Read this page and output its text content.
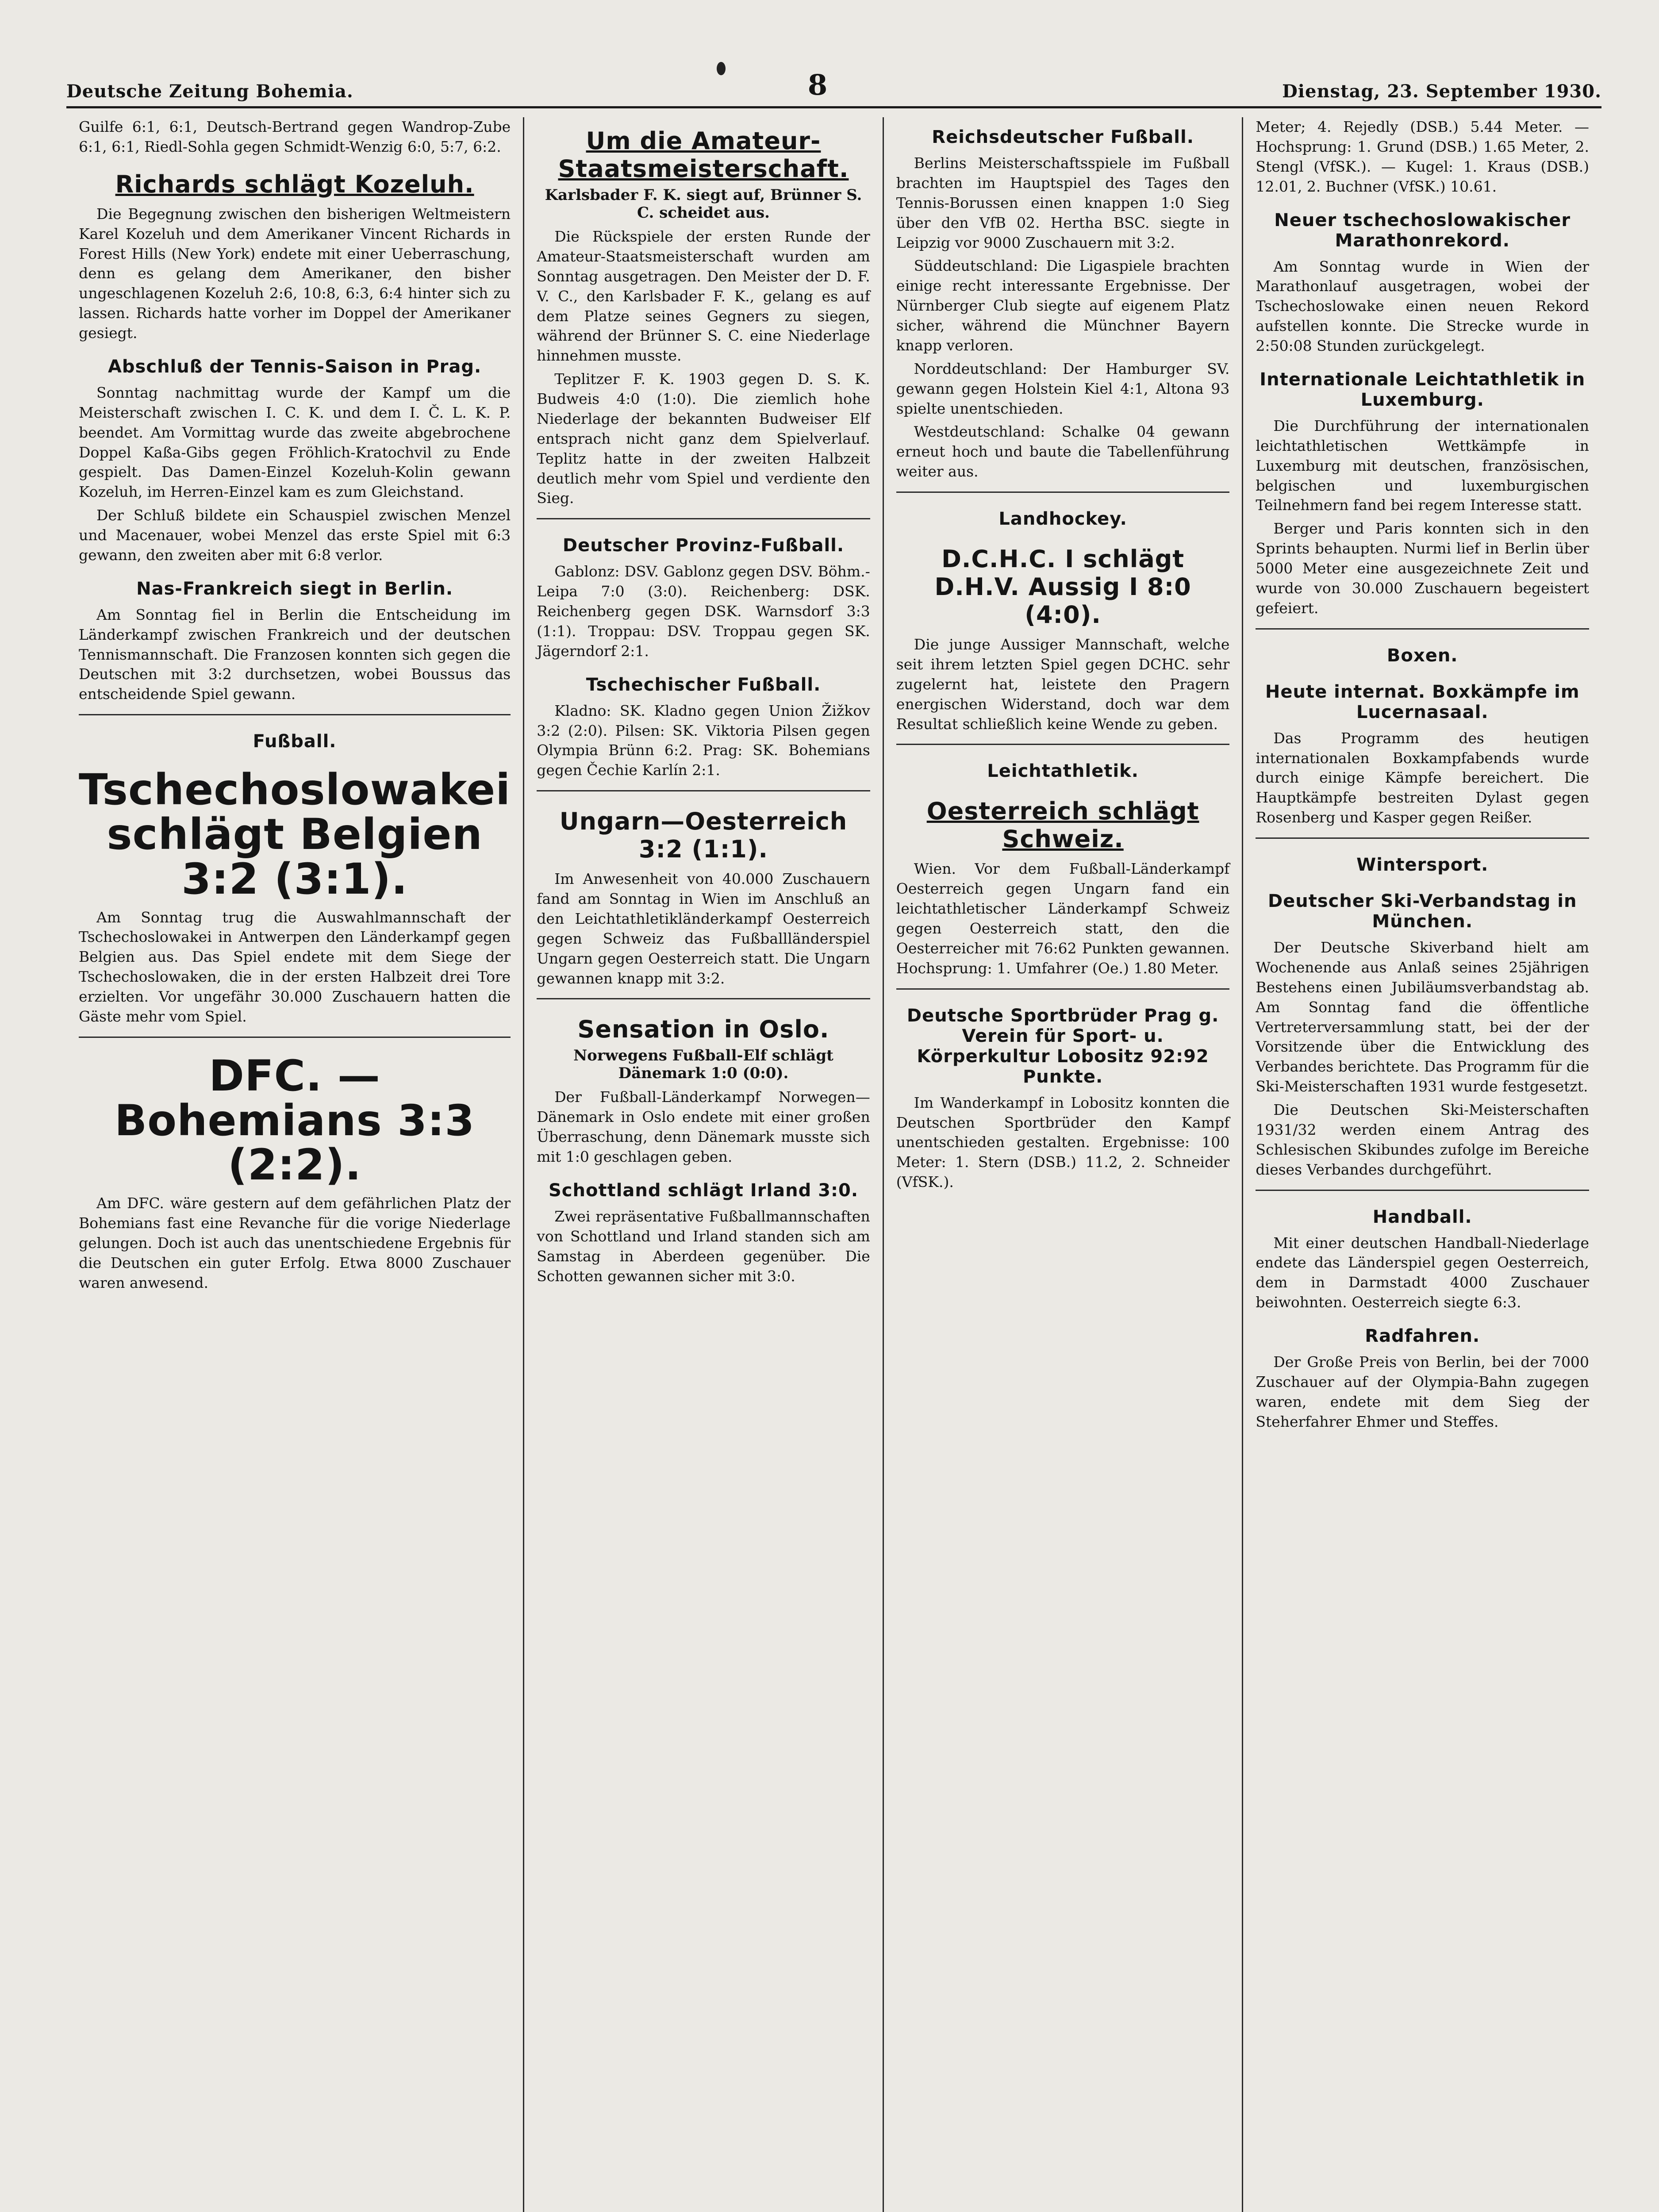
Deutsche Zeitung Bohemia.	8	Dienstag, 23. September 1930.
Guilfe 6:1, 6:1, Deutsch-Bertrand gegen Wandrop-Zube 6:1, 6:1, Riedl-Sohla gegen Schmidt-Wenzig 6:0, 5:7, 6:2.
Richards schlägt Kozeluh.
Die Begegnung zwischen den bisherigen Weltmeistern Karel Kozeluh und dem Amerikaner Vincent Richards in Forest Hills (New York) endete mit einer Ueberraschung, denn es gelang dem Amerikaner, den bisher ungeschlagenen Kozeluh 2:6, 10:8, 6:3, 6:4 hinter sich zu lassen. Richards hatte vorher im Doppel der Amerikaner gesiegt.
Abschluß der Tennis-Saison in Prag.
Sonntag nachmittag wurde der Kampf um die Meisterschaft zwischen I. C. K. und dem I. Č. L. K. P. beendet. Am Vormittag wurde das zweite abgebrochene Doppel Kaßa-Gibs gegen Fröhlich-Kratochvil zu Ende gespielt. Das Damen-Einzel Kozeluh-Kolin gewann Kozeluh, im Herren-Einzel kam es zum Gleichstand.
Der Schluß bildete ein Schauspiel zwischen Menzel und Macenauer, wobei Menzel das erste Spiel mit 6:3 gewann, den zweiten aber mit 6:8 verlor.
Nas-Frankreich siegt in Berlin.
Am Sonntag fiel in Berlin die Entscheidung im Länderkampf zwischen Frankreich und der deutschen Tennismannschaft. Die Franzosen konnten sich gegen die Deutschen mit 3:2 durchsetzen, wobei Boussus das entscheidende Spiel gewann.
Fußball.
Tschechoslowakei schlägt Belgien 3:2 (3:1).
Am Sonntag trug die Auswahlmannschaft der Tschechoslowakei in Antwerpen den Länderkampf gegen Belgien aus. Das Spiel endete mit dem Siege der Tschechoslowaken, die in der ersten Halbzeit drei Tore erzielten. Vor ungefähr 30.000 Zuschauern hatten die Gäste mehr vom Spiel.
DFC. — Bohemians 3:3 (2:2).
Am DFC. wäre gestern auf dem gefährlichen Platz der Bohemians fast eine Revanche für die vorige Niederlage gelungen. Doch ist auch das unentschiedene Ergebnis für die Deutschen ein guter Erfolg. Etwa 8000 Zuschauer waren anwesend.
Um die Amateur-Staatsmeisterschaft.
Karlsbader F. K. siegt auf, Brünner S. C. scheidet aus.
Die Rückspiele der ersten Runde der Amateur-Staatsmeisterschaft wurden am Sonntag ausgetragen. Den Meister der D. F. V. C., den Karlsbader F. K., gelang es auf dem Platze seines Gegners zu siegen, während der Brünner S. C. eine Niederlage hinnehmen musste.
Teplitzer F. K. 1903 gegen D. S. K. Budweis 4:0 (1:0). Die ziemlich hohe Niederlage der bekannten Budweiser Elf entsprach nicht ganz dem Spielverlauf. Teplitz hatte in der zweiten Halbzeit deutlich mehr vom Spiel und verdiente den Sieg.
Deutscher Provinz-Fußball.
Gablonz: DSV. Gablonz gegen DSV. Böhm.-Leipa 7:0 (3:0). Reichenberg: DSK. Reichenberg gegen DSK. Warnsdorf 3:3 (1:1). Troppau: DSV. Troppau gegen SK. Jägerndorf 2:1.
Tschechischer Fußball.
Kladno: SK. Kladno gegen Union Žižkov 3:2 (2:0). Pilsen: SK. Viktoria Pilsen gegen Olympia Brünn 6:2. Prag: SK. Bohemians gegen Čechie Karlín 2:1.
Ungarn—Oesterreich 3:2 (1:1).
Im Anwesenheit von 40.000 Zuschauern fand am Sonntag in Wien im Anschluß an den Leichtathletikländerkampf Oesterreich gegen Schweiz das Fußballländerspiel Ungarn gegen Oesterreich statt. Die Ungarn gewannen knapp mit 3:2.
Sensation in Oslo.
Norwegens Fußball-Elf schlägt Dänemark 1:0 (0:0).
Der Fußball-Länderkampf Norwegen—Dänemark in Oslo endete mit einer großen Überraschung, denn Dänemark musste sich mit 1:0 geschlagen geben.
Schottland schlägt Irland 3:0.
Zwei repräsentative Fußballmannschaften von Schottland und Irland standen sich am Samstag in Aberdeen gegenüber. Die Schotten gewannen sicher mit 3:0.
Reichsdeutscher Fußball.
Berlins Meisterschaftsspiele im Fußball brachten im Hauptspiel des Tages den Tennis-Borussen einen knappen 1:0 Sieg über den VfB 02. Hertha BSC. siegte in Leipzig vor 9000 Zuschauern mit 3:2.
Süddeutschland: Die Ligaspiele brachten einige recht interessante Ergebnisse. Der Nürnberger Club siegte auf eigenem Platz sicher, während die Münchner Bayern knapp verloren.
Norddeutschland: Der Hamburger SV. gewann gegen Holstein Kiel 4:1, Altona 93 spielte unentschieden.
Westdeutschland: Schalke 04 gewann erneut hoch und baute die Tabellenführung weiter aus.
Landhockey.
D.C.H.C. I schlägt D.H.V. Aussig I 8:0 (4:0).
Die junge Aussiger Mannschaft, welche seit ihrem letzten Spiel gegen DCHC. sehr zugelernt hat, leistete den Pragern energischen Widerstand, doch war dem Resultat schließlich keine Wende zu geben.
Leichtathletik.
Oesterreich schlägt Schweiz.
Wien. Vor dem Fußball-Länderkampf Oesterreich gegen Ungarn fand ein leichtathletischer Länderkampf Schweiz gegen Oesterreich statt, den die Oesterreicher mit 76:62 Punkten gewannen. Hochsprung: 1. Umfahrer (Oe.) 1.80 Meter.
Deutsche Sportbrüder Prag g. Verein für Sport- u. Körperkultur Lobositz 92:92 Punkte.
Im Wanderkampf in Lobositz konnten die Deutschen Sportbrüder den Kampf unentschieden gestalten. Ergebnisse: 100 Meter: 1. Stern (DSB.) 11.2, 2. Schneider (VfSK.).
Meter; 4. Rejedly (DSB.) 5.44 Meter. — Hochsprung: 1. Grund (DSB.) 1.65 Meter, 2. Stengl (VfSK.). — Kugel: 1. Kraus (DSB.) 12.01, 2. Buchner (VfSK.) 10.61.
Neuer tschechoslowakischer Marathonrekord.
Am Sonntag wurde in Wien der Marathonlauf ausgetragen, wobei der Tschechoslowake einen neuen Rekord aufstellen konnte. Die Strecke wurde in 2:50:08 Stunden zurückgelegt.
Internationale Leichtathletik in Luxemburg.
Die Durchführung der internationalen leichtathletischen Wettkämpfe in Luxemburg mit deutschen, französischen, belgischen und luxemburgischen Teilnehmern fand bei regem Interesse statt.
Berger und Paris konnten sich in den Sprints behaupten. Nurmi lief in Berlin über 5000 Meter eine ausgezeichnete Zeit und wurde von 30.000 Zuschauern begeistert gefeiert.
Boxen.
Heute internat. Boxkämpfe im Lucernasaal.
Das Programm des heutigen internationalen Boxkampfabends wurde durch einige Kämpfe bereichert. Die Hauptkämpfe bestreiten Dylast gegen Rosenberg und Kasper gegen Reißer.
Wintersport.
Deutscher Ski-Verbandstag in München.
Der Deutsche Skiverband hielt am Wochenende aus Anlaß seines 25jährigen Bestehens einen Jubiläumsverbandstag ab. Am Sonntag fand die öffentliche Vertreterversammlung statt, bei der der Vorsitzende über die Entwicklung des Verbandes berichtete. Das Programm für die Ski-Meisterschaften 1931 wurde festgesetzt.
Die Deutschen Ski-Meisterschaften 1931/32 werden einem Antrag des Schlesischen Skibundes zufolge im Bereiche dieses Verbandes durchgeführt.
Handball.
Mit einer deutschen Handball-Niederlage endete das Länderspiel gegen Oesterreich, dem in Darmstadt 4000 Zuschauer beiwohnten. Oesterreich siegte 6:3.
Radfahren.
Der Große Preis von Berlin, bei der 7000 Zuschauer auf der Olympia-Bahn zugegen waren, endete mit dem Sieg der Steherfahrer Ehmer und Steffes.
